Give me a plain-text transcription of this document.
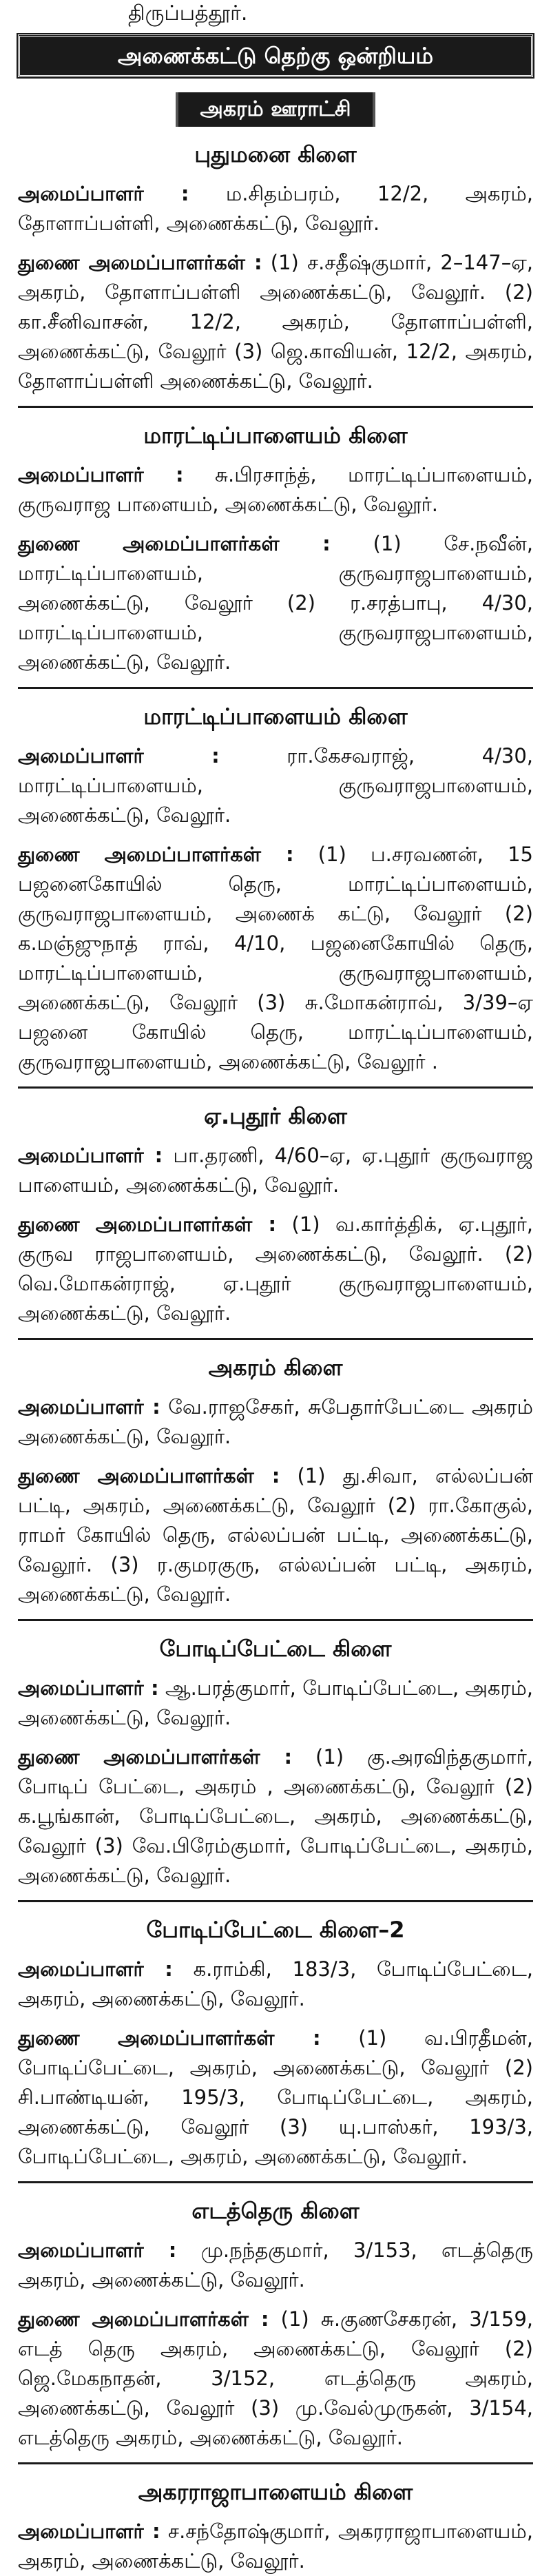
திருப்பத்தூர்.
அணைக்கட்டு தெற்கு ஒன்றியம்
அகரம் ஊராட்சி
புதுமனை கிளை

அமைப்பாளர் : ம.சிதம்பரம், 12/2, அகரம், தோளாப்பள்ளி, அணைக்கட்டு, வேலூர்.

துணை அமைப்பாளர்கள் : (1) ச.சதீஷ்குமார், 2–147–ஏ, அகரம், தோளாப்பள்ளி அணைக்கட்டு, வேலூர். (2) கா.சீனிவாசன், 12/2, அகரம், தோளாப்பள்ளி, அணைக்கட்டு, வேலூர் (3) ஜெ.காவியன், 12/2, அகரம், தோளாப்பள்ளி அணைக்கட்டு, வேலூர்.

மாரட்டிப்பாளையம் கிளை

அமைப்பாளர் : சு.பிரசாந்த், மாரட்டிப்பாளையம், குருவராஜ பாளையம், அணைக்கட்டு, வேலூர்.

துணை அமைப்பாளர்கள் : (1) சே.நவீன், மாரட்டிப்பாளையம், குருவராஜபாளையம், அணைக்கட்டு, வேலூர் (2) ர.சரத்பாபு, 4/30, மாரட்டிப்பாளையம், குருவராஜபாளையம், அணைக்கட்டு, வேலூர்.

மாரட்டிப்பாளையம் கிளை

அமைப்பாளர் : ரா.கேசவராஜ், 4/30, மாரட்டிப்பாளையம், குருவராஜபாளையம், அணைக்கட்டு, வேலூர்.

துணை அமைப்பாளர்கள் : (1) ப.சரவணன், 15 பஜனைகோயில் தெரு, மாரட்டிப்பாளையம், குருவராஜபாளையம், அணைக் கட்டு, வேலூர் (2) க.மஞ்ஜுநாத் ராவ், 4/10, பஜனைகோயில் தெரு, மாரட்டிப்பாளையம், குருவராஜபாளையம், அணைக்கட்டு, வேலூர் (3) சு.மோகன்ராவ், 3/39–ஏ பஜனை கோயில் தெரு, மாரட்டிப்பாளையம், குருவராஜபாளையம், அணைக்கட்டு, வேலூர் .

ஏ.புதூர் கிளை

அமைப்பாளர் : பா.தரணி, 4/60–ஏ, ஏ.புதூர் குருவராஜ பாளையம், அணைக்கட்டு, வேலூர்.

துணை அமைப்பாளர்கள் : (1) வ.கார்த்திக், ஏ.புதூர், குருவ ராஜபாளையம், அணைக்கட்டு, வேலூர். (2) வெ.மோகன்ராஜ், ஏ.புதூர் குருவராஜபாளையம், அணைக்கட்டு, வேலூர்.

அகரம் கிளை

அமைப்பாளர் : வே.ராஜசேகர், சுபேதார்பேட்டை அகரம் அணைக்கட்டு, வேலூர்.

துணை அமைப்பாளர்கள் : (1) து.சிவா, எல்லப்பன் பட்டி, அகரம், அணைக்கட்டு, வேலூர் (2) ரா.கோகுல், ராமர் கோயில் தெரு, எல்லப்பன் பட்டி, அணைக்கட்டு, வேலூர். (3) ர.குமரகுரு, எல்லப்பன் பட்டி, அகரம், அணைக்கட்டு, வேலூர்.

போடிப்பேட்டை கிளை

அமைப்பாளர் : ஆ.பரத்குமார், போடிப்பேட்டை, அகரம், அணைக்கட்டு, வேலூர்.

துணை அமைப்பாளர்கள் : (1) கு.அரவிந்தகுமார், போடிப் பேட்டை, அகரம் , அணைக்கட்டு, வேலூர் (2) க.பூங்கான், போடிப்பேட்டை, அகரம், அணைக்கட்டு, வேலூர் (3) வே.பிரேம்குமார், போடிப்பேட்டை, அகரம், அணைக்கட்டு, வேலூர்.

போடிப்பேட்டை கிளை–2

அமைப்பாளர் : க.ராம்கி, 183/3, போடிப்பேட்டை, அகரம், அணைக்கட்டு, வேலூர்.

துணை அமைப்பாளர்கள் : (1) வ.பிரதீமன், போடிப்பேட்டை, அகரம், அணைக்கட்டு, வேலூர் (2) சி.பாண்டியன், 195/3, போடிப்பேட்டை, அகரம், அணைக்கட்டு, வேலூர் (3) யு.பாஸ்கர், 193/3, போடிப்பேட்டை, அகரம், அணைக்கட்டு, வேலூர்.

எடத்தெரு கிளை

அமைப்பாளர் : மு.நந்தகுமார், 3/153, எடத்தெரு அகரம், அணைக்கட்டு, வேலூர்.

துணை அமைப்பாளர்கள் : (1) சு.குணசேகரன், 3/159, எடத் தெரு அகரம், அணைக்கட்டு, வேலூர் (2) ஜெ.மேகநாதன், 3/152, எடத்தெரு அகரம், அணைக்கட்டு, வேலூர் (3) மு.வேல்முருகன், 3/154, எடத்தெரு அகரம், அணைக்கட்டு, வேலூர்.

அகரராஜாபாளையம் கிளை

அமைப்பாளர் : ச.சந்தோஷ்குமார், அகரராஜாபாளையம், அகரம், அணைக்கட்டு, வேலூர்.
